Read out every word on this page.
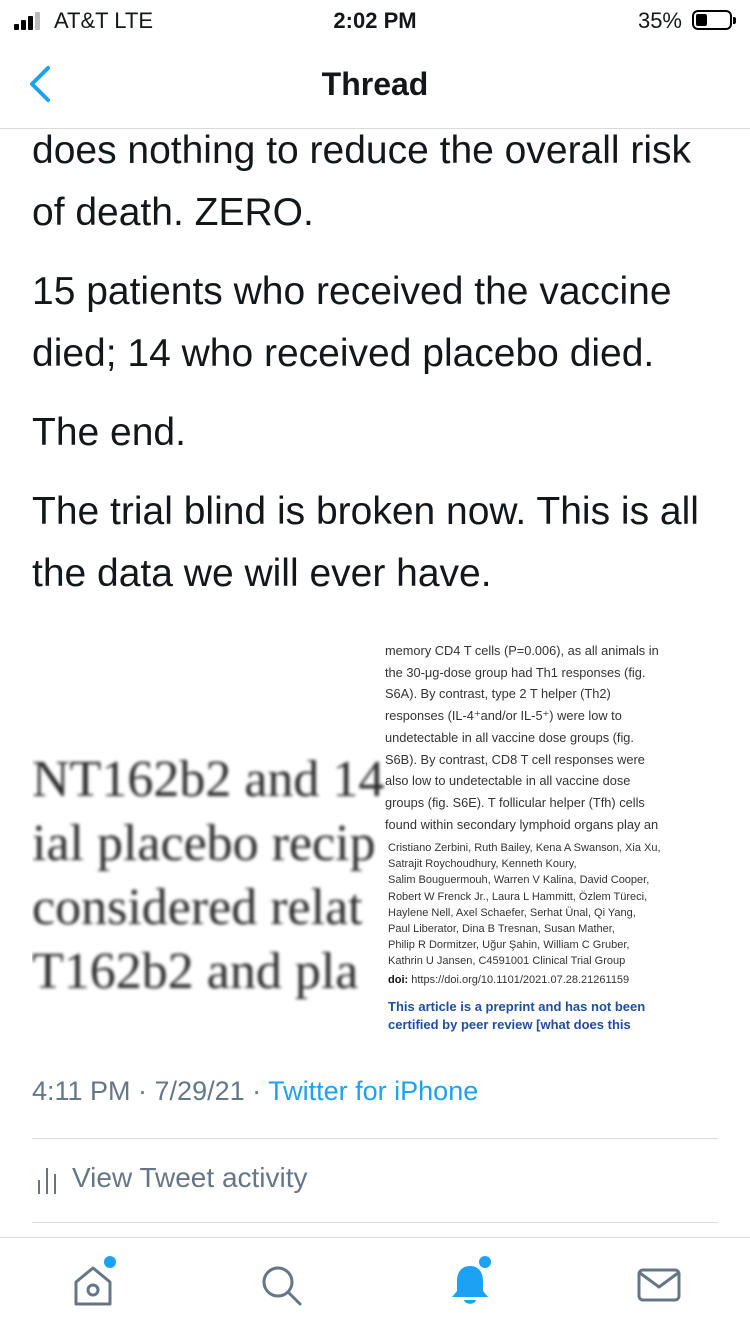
AT&T LTE	2:02 PM	35%
Thread

does nothing to reduce the overall risk of death. ZERO.

15 patients who received the vaccine died; 14 who received placebo died.

The end.

The trial blind is broken now. This is all the data we will ever have.

NT162b2 and 14
ial placebo recip
considered relat
T162b2 and pla
memory CD4 T cells (P=0.006), as all animals in
the 30-μg-dose group had Th1 responses (fig.
S6A). By contrast, type 2 T helper (Th2)
responses (IL-4⁺and/or IL-5⁺) were low to
undetectable in all vaccine dose groups (fig.
S6B). By contrast, CD8 T cell responses were
also low to undetectable in all vaccine dose
groups (fig. S6E). T follicular helper (Tfh) cells
found within secondary lymphoid organs play an
Cristiano Zerbini, Ruth Bailey, Kena A Swanson, Xia Xu,
Satrajit Roychoudhury, Kenneth Koury,
Salim Bouguermouh, Warren V Kalina, David Cooper,
Robert W Frenck Jr., Laura L Hammitt, Özlem Türeci,
Haylene Nell, Axel Schaefer, Serhat Ünal, Qi Yang,
Paul Liberator, Dina B Tresnan, Susan Mather,
Philip R Dormitzer, Uğur Şahin, William C Gruber,
Kathrin U Jansen, C4591001 Clinical Trial Group
doi: https://doi.org/10.1101/2021.07.28.21261159
This article is a preprint and has not been
certified by peer review [what does this
4:11 PM · 7/29/21 · Twitter for iPhone
View Tweet activity
